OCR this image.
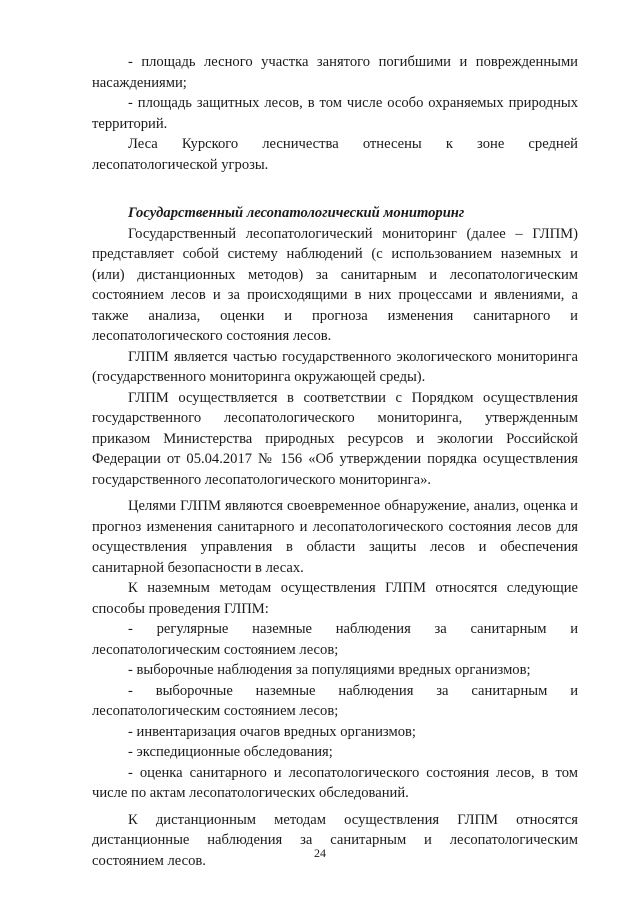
- площадь лесного участка занятого погибшими и поврежденными насаждениями;

- площадь защитных лесов, в том числе особо охраняемых природных территорий.

Леса Курского лесничества отнесены к зоне средней лесопатологической угрозы.

Государственный лесопатологический мониторинг

Государственный лесопатологический мониторинг (далее – ГЛПМ) представляет собой систему наблюдений (с использованием наземных и (или) дистанционных методов) за санитарным и лесопатологическим состоянием лесов и за происходящими в них процессами и явлениями, а также анализа, оценки и прогноза изменения санитарного и лесопатологического состояния лесов.

ГЛПМ является частью государственного экологического мониторинга (государственного мониторинга окружающей среды).

ГЛПМ осуществляется в соответствии с Порядком осуществления государственного лесопатологического мониторинга, утвержденным приказом Министерства природных ресурсов и экологии Российской Федерации от 05.04.2017 № 156 «Об утверждении порядка осуществления государственного лесопатологического мониторинга».

Целями ГЛПМ являются своевременное обнаружение, анализ, оценка и прогноз изменения санитарного и лесопатологического состояния лесов для осуществления управления в области защиты лесов и обеспечения санитарной безопасности в лесах.

К наземным методам осуществления ГЛПМ относятся следующие способы проведения ГЛПМ:

- регулярные наземные наблюдения за санитарным и лесопатологическим состоянием лесов;

- выборочные наблюдения за популяциями вредных организмов;

- выборочные наземные наблюдения за санитарным и лесопатологическим состоянием лесов;

- инвентаризация очагов вредных организмов;

- экспедиционные обследования;

- оценка санитарного и лесопатологического состояния лесов, в том числе по актам лесопатологических обследований.

К дистанционным методам осуществления ГЛПМ относятся дистанционные наблюдения за санитарным и лесопатологическим состоянием лесов.	24
